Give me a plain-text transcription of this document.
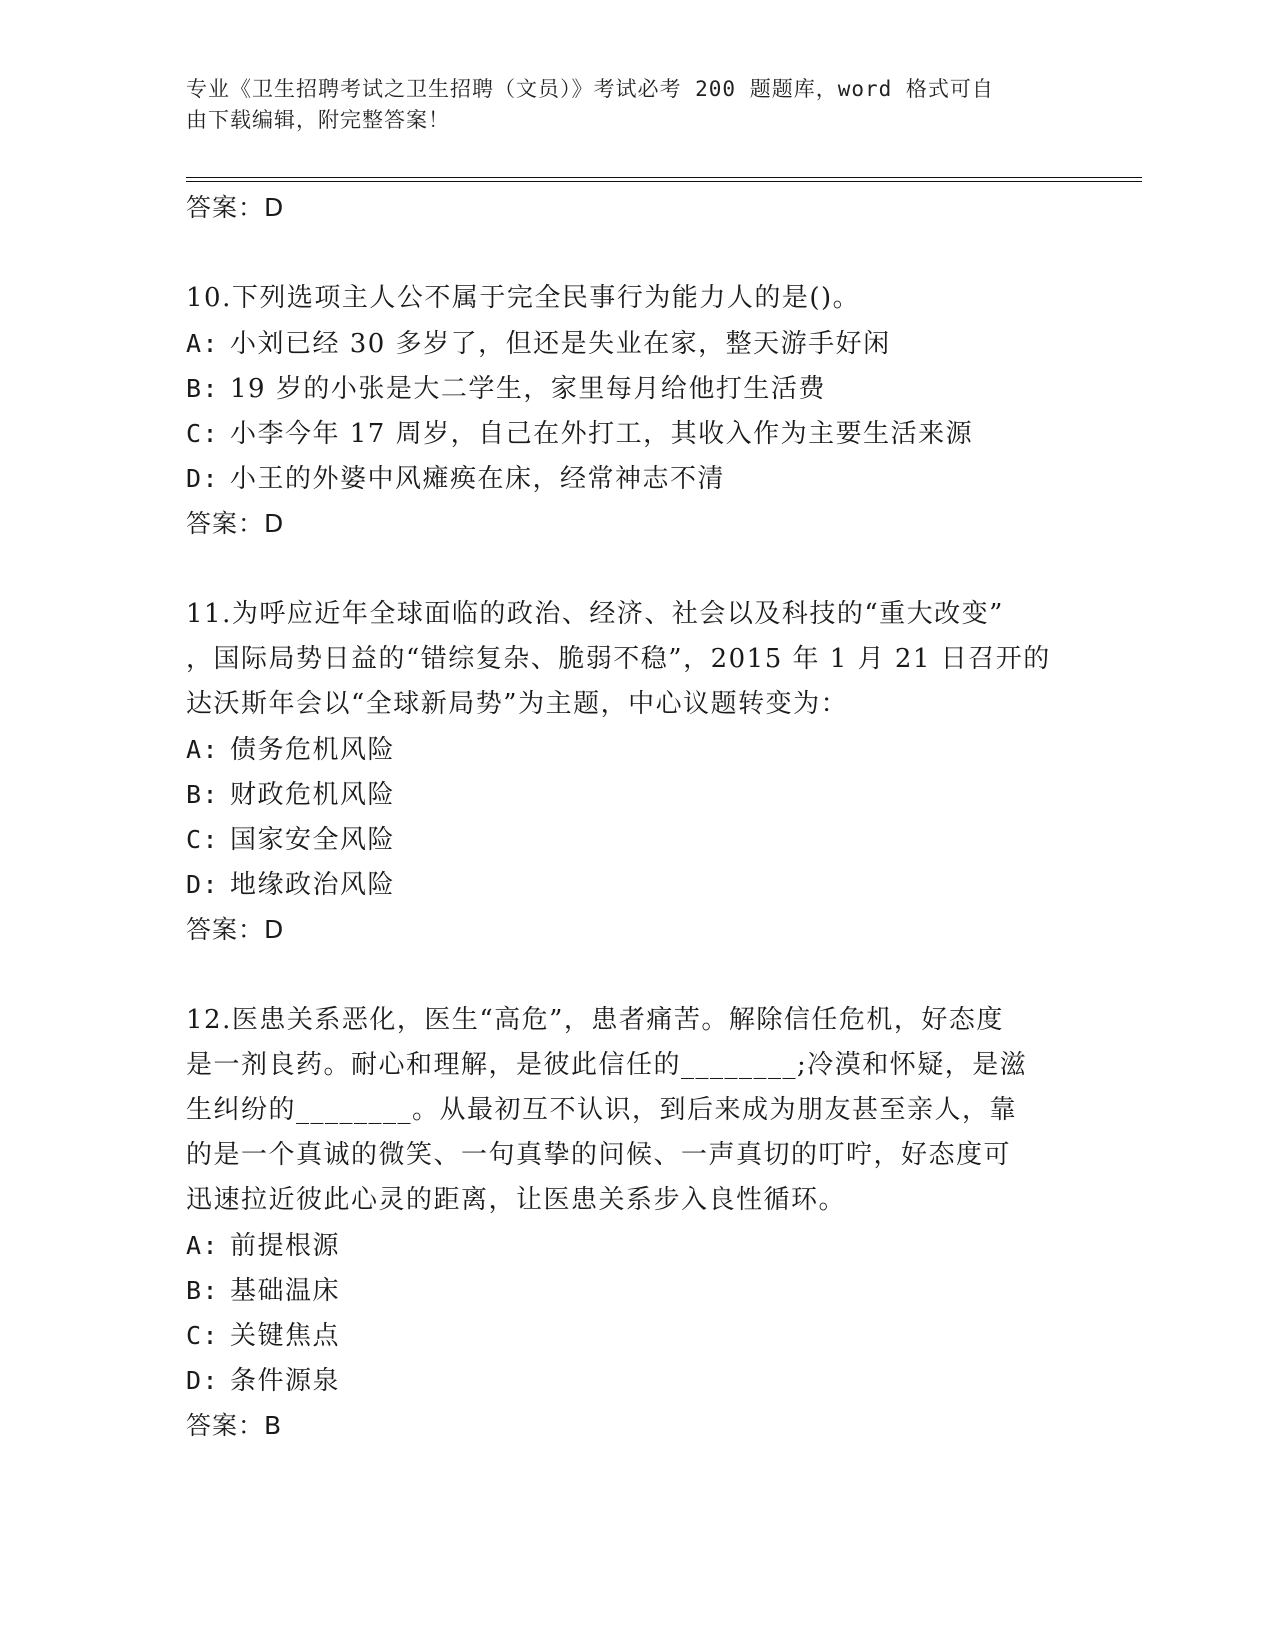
专业《卫生招聘考试之卫生招聘（文员）》考试必考 200 题题库，word 格式可自
由下载编辑，附完整答案！
答案：D
10.下列选项主人公不属于完全民事行为能力人的是()。
A: 小刘已经 30 多岁了，但还是失业在家，整天游手好闲
B: 19 岁的小张是大二学生，家里每月给他打生活费
C: 小李今年 17 周岁，自己在外打工，其收入作为主要生活来源
D: 小王的外婆中风瘫痪在床，经常神志不清
答案：D
11.为呼应近年全球面临的政治、经济、社会以及科技的“重大改变”
，国际局势日益的“错综复杂、脆弱不稳”，2015 年 1 月 21 日召开的
达沃斯年会以“全球新局势”为主题，中心议题转变为：
A: 债务危机风险
B: 财政危机风险
C: 国家安全风险
D: 地缘政治风险
答案：D
12.医患关系恶化，医生“高危”，患者痛苦。解除信任危机，好态度
是一剂良药。耐心和理解，是彼此信任的________;冷漠和怀疑，是滋
生纠纷的________。从最初互不认识，到后来成为朋友甚至亲人，靠
的是一个真诚的微笑、一句真挚的问候、一声真切的叮咛，好态度可
迅速拉近彼此心灵的距离，让医患关系步入良性循环。
A: 前提根源
B: 基础温床
C: 关键焦点
D: 条件源泉
答案：B
